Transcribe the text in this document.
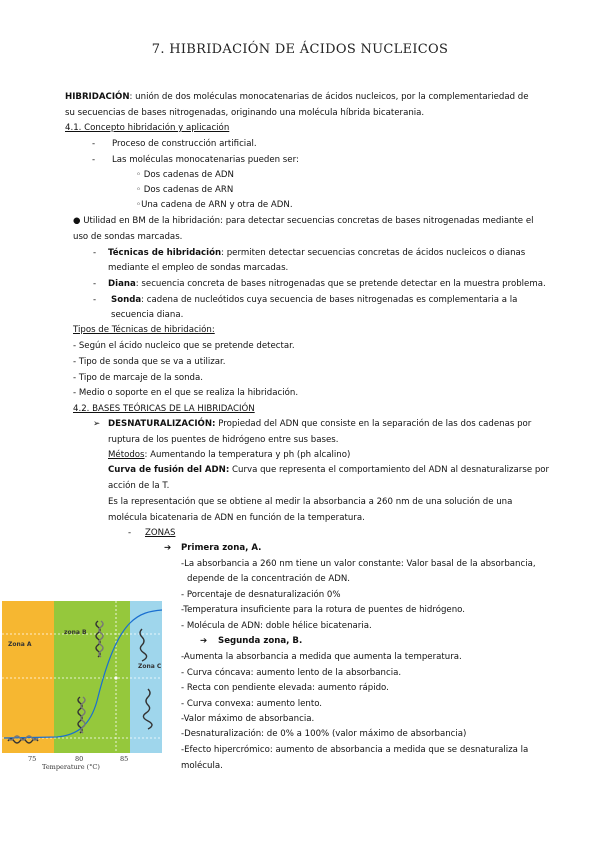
7. HIBRIDACIÓN DE ÁCIDOS NUCLEICOS
HIBRIDACIÓN: unión de dos moléculas monocatenarias de ácidos nucleicos, por la complementariedad de
su secuencias de bases nitrogenadas, originando una molécula híbrida bicaterania.
4.1. Concepto hibridación y aplicación
- Proceso de construcción artificial.
- Las moléculas monocatenarias pueden ser:
◦ Dos cadenas de ADN
◦ Dos cadenas de ARN
◦Una cadena de ARN y otra de ADN.
● Utilidad en BM de la hibridación: para detectar secuencias concretas de bases nitrogenadas mediante el
uso de sondas marcadas.
- Técnicas de hibridación: permiten detectar secuencias concretas de ácidos nucleicos o dianas
mediante el empleo de sondas marcadas.
- Diana: secuencia concreta de bases nitrogenadas que se pretende detectar en la muestra problema.
- Sonda: cadena de nucleótidos cuya secuencia de bases nitrogenadas es complementaria a la
secuencia diana.
Tipos de Técnicas de hibridación:
- Según el ácido nucleico que se pretende detectar.
- Tipo de sonda que se va a utilizar.
- Tipo de marcaje de la sonda.
- Medio o soporte en el que se realiza la hibridación.
4.2. BASES TEÓRICAS DE LA HIBRIDACIÓN
➢ DESNATURALIZACIÓN: Propiedad del ADN que consiste en la separación de las dos cadenas por
ruptura de los puentes de hidrógeno entre sus bases.
Métodos: Aumentando la temperatura y ph (ph alcalino)
Curva de fusión del ADN: Curva que representa el comportamiento del ADN al desnaturalizarse por
acción de la T.
Es la representación que se obtiene al medir la absorbancia a 260 nm de una solución de una
molécula bicatenaria de ADN en función de la temperatura.
- ZONAS
➔ Primera zona, A.
-La absorbancia a 260 nm tiene un valor constante: Valor basal de la absorbancia,
depende de la concentración de ADN.
- Porcentaje de desnaturalización 0%
-Temperatura insuficiente para la rotura de puentes de hidrógeno.
- Molécula de ADN: doble hélice bicatenaria.
➔ Segunda zona, B.
-Aumenta la absorbancia a medida que aumenta la temperatura.
- Curva cóncava: aumento lento de la absorbancia.
- Recta con pendiente elevada: aumento rápido.
- Curva convexa: aumento lento.
-Valor máximo de absorbancia.
-Desnaturalización: de 0% a 100% (valor máximo de absorbancia)
-Efecto hipercrómico: aumento de absorbancia a medida que se desnaturaliza la
molécula.
Zona A
zona B
Zona C
75	80	85
Temperature (°C)
